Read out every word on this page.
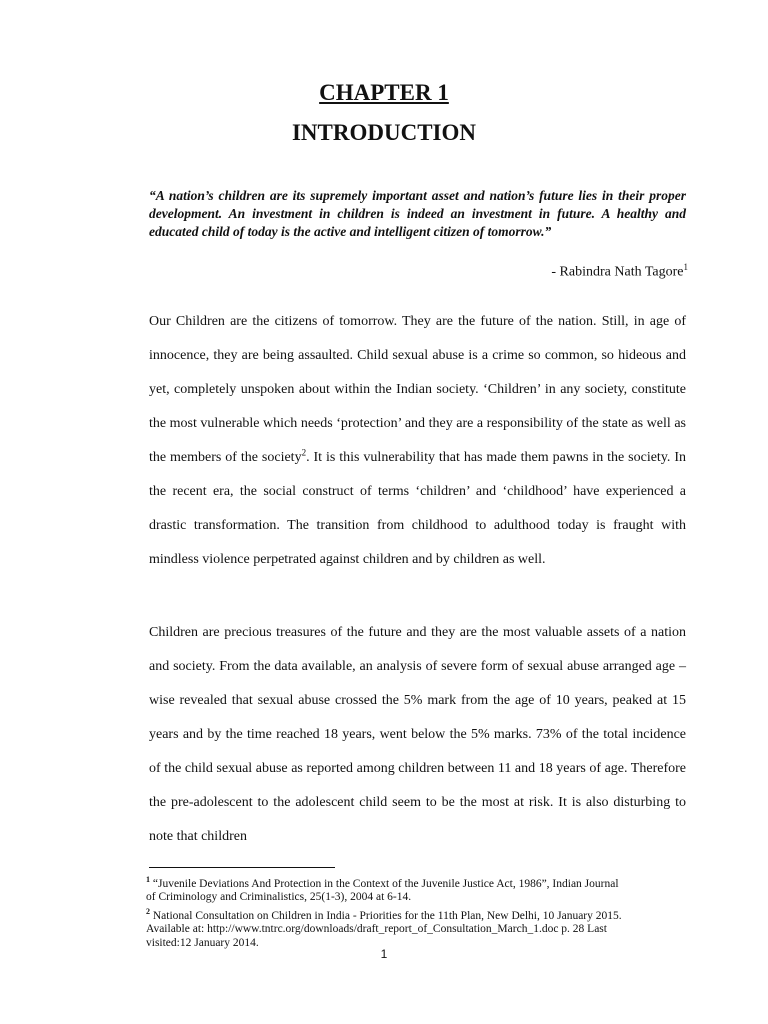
CHAPTER 1
INTRODUCTION

“A nation’s children are its supremely important asset and nation’s future lies in their proper development. An investment in children is indeed an investment in future. A healthy and educated child of today is the active and intelligent citizen of tomorrow.”

- Rabindra Nath Tagore$^1$

Our Children are the citizens of tomorrow. They are the future of the nation. Still, in age of innocence, they are being assaulted. Child sexual abuse is a crime so common, so hideous and yet, completely unspoken about within the Indian society. ‘Children’ in any society, constitute the most vulnerable which needs ‘protection’ and they are a responsibility of the state as well as the members of the society$^2$. It is this vulnerability that has made them pawns in the society. In the recent era, the social construct of terms ‘children’ and ‘childhood’ have experienced a drastic transformation. The transition from childhood to adulthood today is fraught with mindless violence perpetrated against children and by children as well.

Children are precious treasures of the future and they are the most valuable assets of a nation and society. From the data available, an analysis of severe form of sexual abuse arranged age – wise revealed that sexual abuse crossed the 5% mark from the age of 10 years, peaked at 15 years and by the time reached 18 years, went below the 5% marks. 73% of the total incidence of the child sexual abuse as reported among children between 11 and 18 years of age. Therefore the pre-adolescent to the adolescent child seem to be the most at risk. It is also disturbing to note that children

$^1$ “Juvenile Deviations And Protection in the Context of the Juvenile Justice Act, 1986”, Indian Journal
of Criminology and Criminalistics, 25(1-3), 2004 at 6-14.

$^2$ National Consultation on Children in India - Priorities for the 11th Plan, New Delhi, 10 January 2015.
Available at: http://www.tntrc.org/downloads/draft_report_of_Consultation_March_1.doc p. 28 Last
visited:12 January 2014.

1
